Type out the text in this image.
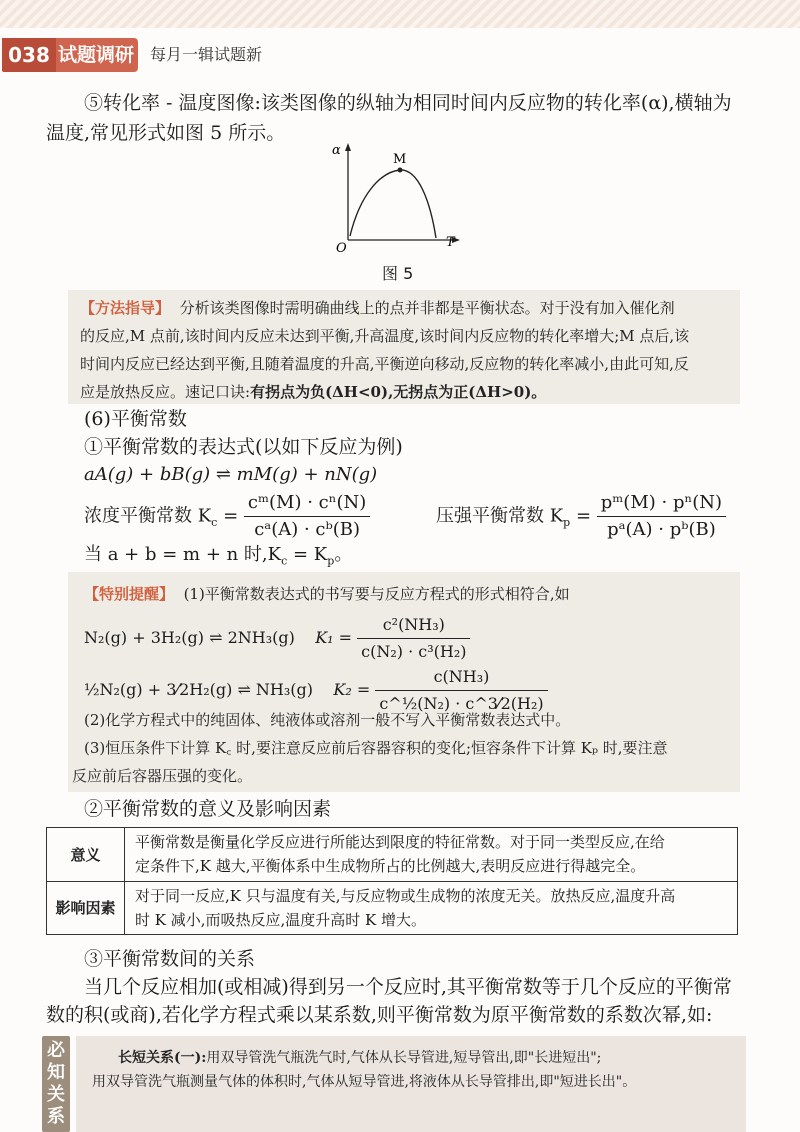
038 试题调研 每月一辑试题新
⑤转化率 - 温度图像:该类图像的纵轴为相同时间内反应物的转化率(α),横轴为
温度,常见形式如图 5 所示。
α
M
O	T
图 5
【方法指导】 分析该类图像时需明确曲线上的点并非都是平衡状态。对于没有加入催化剂
的反应,M 点前,该时间内反应未达到平衡,升高温度,该时间内反应物的转化率增大;M 点后,该
时间内反应已经达到平衡,且随着温度的升高,平衡逆向移动,反应物的转化率减小,由此可知,反
应是放热反应。速记口诀:有拐点为负(ΔH<0),无拐点为正(ΔH>0)。
(6)平衡常数
①平衡常数的表达式(以如下反应为例)
aA(g) + bB(g) ⇌ mM(g) + nN(g)
浓度平衡常数 $K_c = \frac{\text{cᵐ(M) · cⁿ(N)}}{\text{cᵃ(A) · cᵇ(B)}}$	压强平衡常数 $K_p = \frac{\text{pᵐ(M) · pⁿ(N)}}{\text{pᵃ(A) · pᵇ(B)}}$
当 a + b = m + n 时$,K_c = K_p$。
【特别提醒】 (1)平衡常数表达式的书写要与反应方程式的形式相符合,如
N₂(g) + 3H₂(g) ⇌ 2NH₃(g) $K_1 = \frac{\text{c²(NH₃)}}{\text{c(N₂) · c³(H₂)}}$
½N₂(g) + 3⁄2H₂(g) ⇌ NH₃(g) $K_2 = \frac{\text{c(NH₃)}}{\text{c\textasciicircum{}½(N₂) · c\textasciicircum{}3⁄2(H₂)}}$
(2)化学方程式中的纯固体、纯液体或溶剂一般不写入平衡常数表达式中。
(3)恒压条件下计算 K꜀ 时,要注意反应前后容器容积的变化;恒容条件下计算 Kₚ 时,要注意
反应前后容器压强的变化。
②平衡常数的意义及影响因素
意义	平衡常数是衡量化学反应进行所能达到限度的特征常数。对于同一类型反应,在给
定条件下,K 越大,平衡体系中生成物所占的比例越大,表明反应进行得越完全。

影响因素	对于同一反应,K 只与温度有关,与反应物或生成物的浓度无关。放热反应,温度升高
时 K 减小,而吸热反应,温度升高时 K 增大。
③平衡常数间的关系
当几个反应相加(或相减)得到另一个反应时,其平衡常数等于几个反应的平衡常
数的积(或商),若化学方程式乘以某系数,则平衡常数为原平衡常数的系数次幂,如:
必
知
关
系
长短关系(一):用双导管洗气瓶洗气时,气体从长导管进,短导管出,即"长进短出";
用双导管洗气瓶测量气体的体积时,气体从短导管进,将液体从长导管排出,即"短进长出"。
